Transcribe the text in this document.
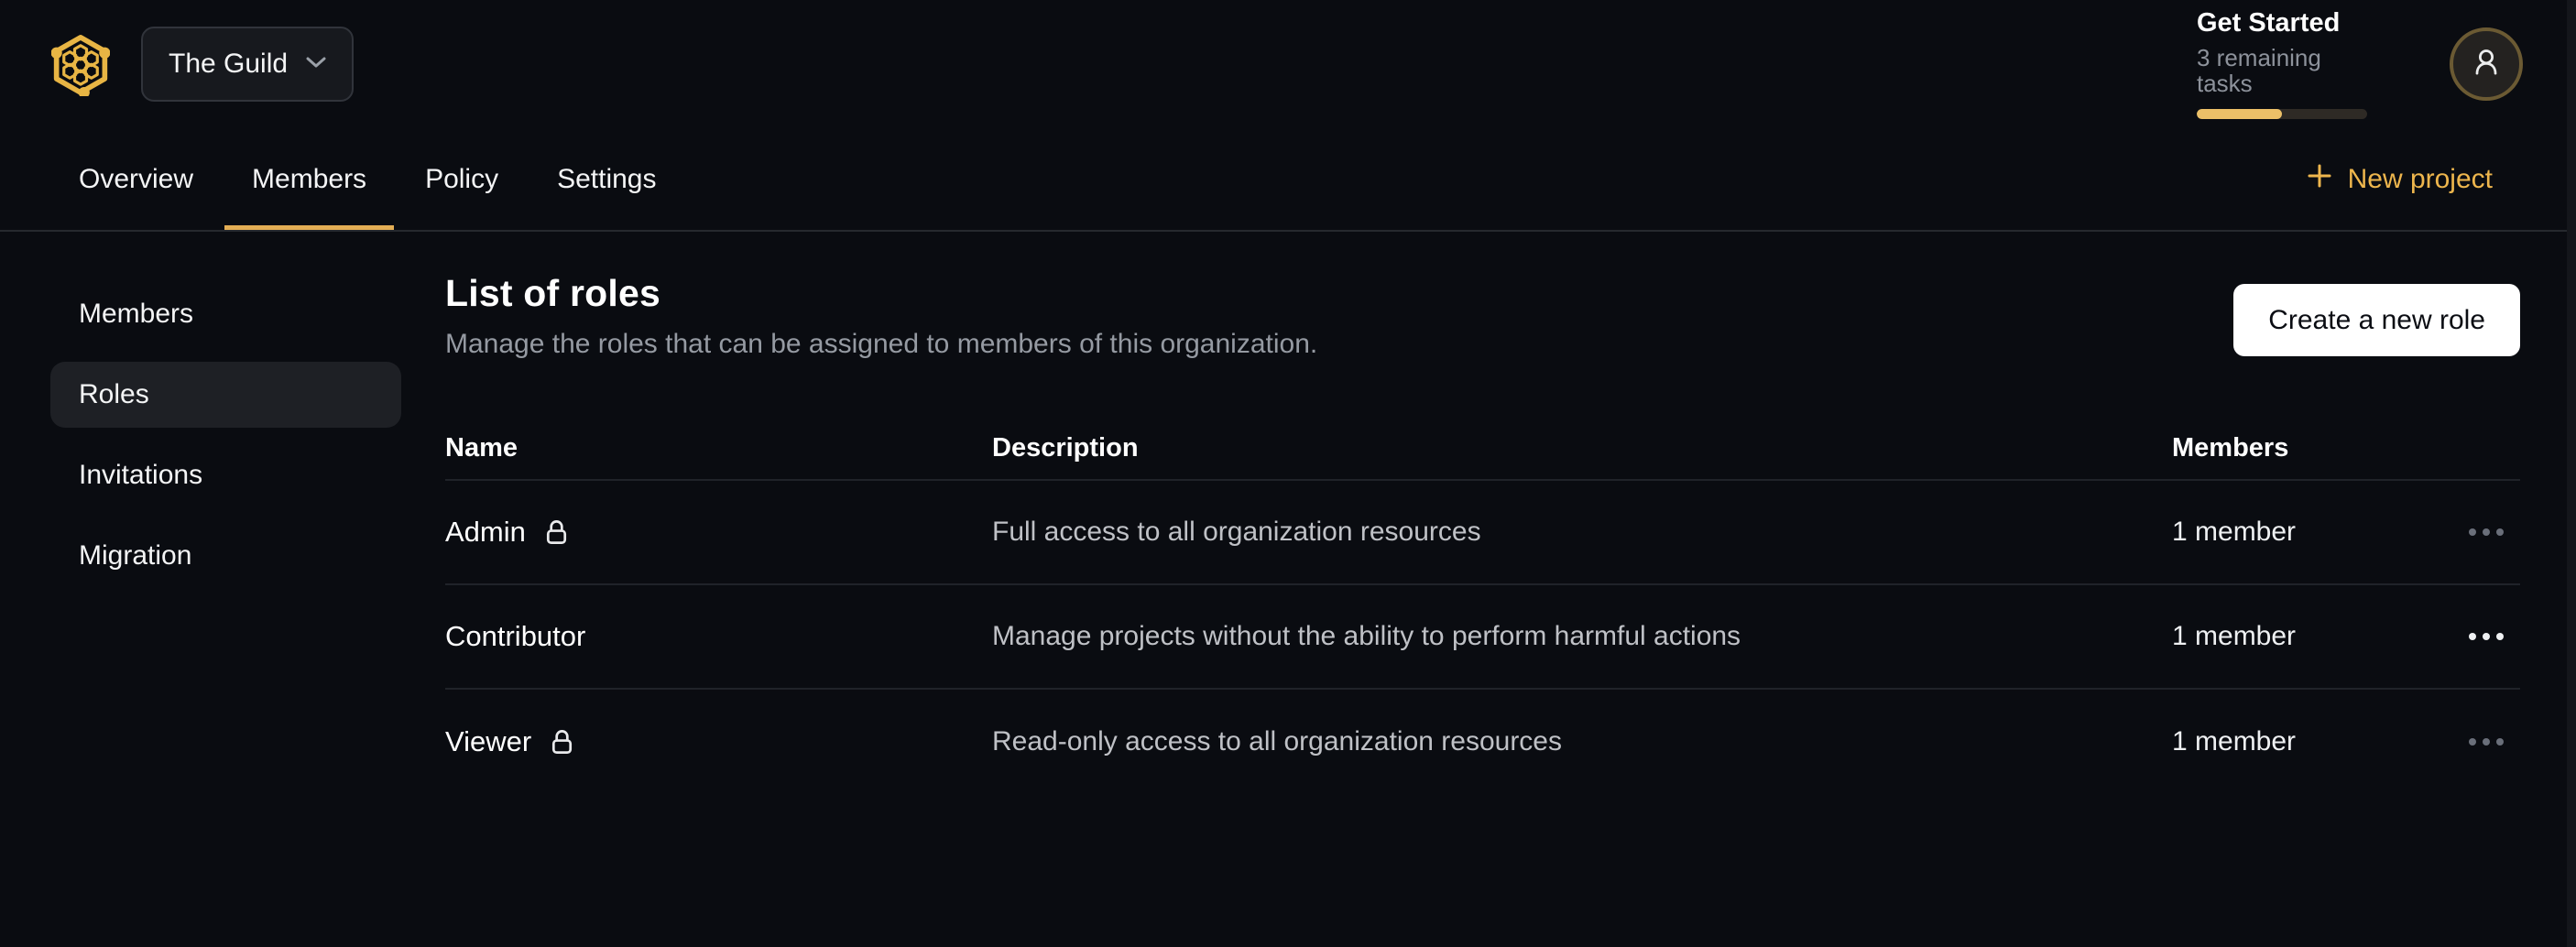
The Guild
Get Started
3 remaining tasks
Overview	Members	Policy	Settings	New project
Members
Roles
Invitations
Migration
List of roles
Manage the roles that can be assigned to members of this organization.
Create a new role
Name	Description	Members
Admin	Full access to all organization resources	1 member
Contributor	Manage projects without the ability to perform harmful actions	1 member
Viewer	Read-only access to all organization resources	1 member
